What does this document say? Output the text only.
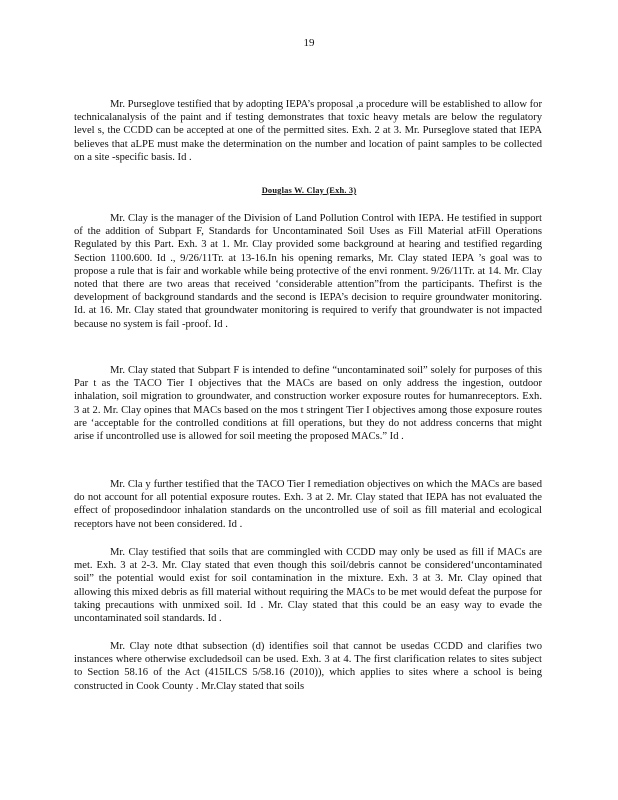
19

Mr. Purseglove testified that by adopting IEPA’s proposal ,a procedure will be established to allow for technicalanalysis of the paint and if testing demonstrates that toxic heavy metals are below the regulatory level s, the CCDD can be accepted at one of the permitted sites. Exh. 2 at 3. Mr. Purseglove stated that IEPA believes that aLPE must make the determination on the number and location of paint samples to be collected on a site -specific basis. Id .

Douglas W. Clay (Exh. 3)

Mr. Clay is the manager of the Division of Land Pollution Control with IEPA. He testified in support of the addition of Subpart F, Standards for Uncontaminated Soil Uses as Fill Material atFill Operations Regulated by this Part. Exh. 3 at 1. Mr. Clay provided some background at hearing and testified regarding Section 1100.600. Id ., 9/26/11Tr. at 13-16.In his opening remarks, Mr. Clay stated IEPA ’s goal was to propose a rule that is fair and workable while being protective of the envi ronment. 9/26/11Tr. at 14. Mr. Clay noted that there are two areas that received ‘considerable attention”from the participants. Thefirst is the development of background standards and the second is IEPA’s decision to require groundwater monitoring. Id. at 16. Mr. Clay stated that groundwater monitoring is required to verify that groundwater is not impacted because no system is fail -proof. Id .

Mr. Clay stated that Subpart F is intended to define “uncontaminated soil” solely for purposes of this Par t as the TACO Tier I objectives that the MACs are based on only address the ingestion, outdoor inhalation, soil migration to groundwater, and construction worker exposure routes for humanreceptors. Exh. 3 at 2. Mr. Clay opines that MACs based on the mos t stringent Tier I objectives among those exposure routes are ‘acceptable for the controlled conditions at fill operations, but they do not address concerns that might arise if uncontrolled use is allowed for soil meeting the proposed MACs.” Id .

Mr. Cla y further testified that the TACO Tier I remediation objectives on which the MACs are based do not account for all potential exposure routes. Exh. 3 at 2. Mr. Clay stated that IEPA has not evaluated the effect of proposedindoor inhalation standards on the uncontrolled use of soil as fill material and ecological receptors have not been considered. Id .

Mr. Clay testified that soils that are commingled with CCDD may only be used as fill if MACs are met. Exh. 3 at 2-3. Mr. Clay stated that even though this soil/debris cannot be considered‘uncontaminated soil” the potential would exist for soil contamination in the mixture. Exh. 3 at 3. Mr. Clay opined that allowing this mixed debris as fill material without requiring the MACs to be met would defeat the purpose for taking precautions with unmixed soil. Id . Mr. Clay stated that this could be an easy way to evade the uncontaminated soil standards. Id .

Mr. Clay note dthat subsection (d) identifies soil that cannot be usedas CCDD and clarifies two instances where otherwise excludedsoil can be used. Exh. 3 at 4. The first clarification relates to sites subject to Section 58.16 of the Act (415ILCS 5/58.16 (2010)), which applies to sites where a school is being constructed in Cook County . Mr.Clay stated that soils
